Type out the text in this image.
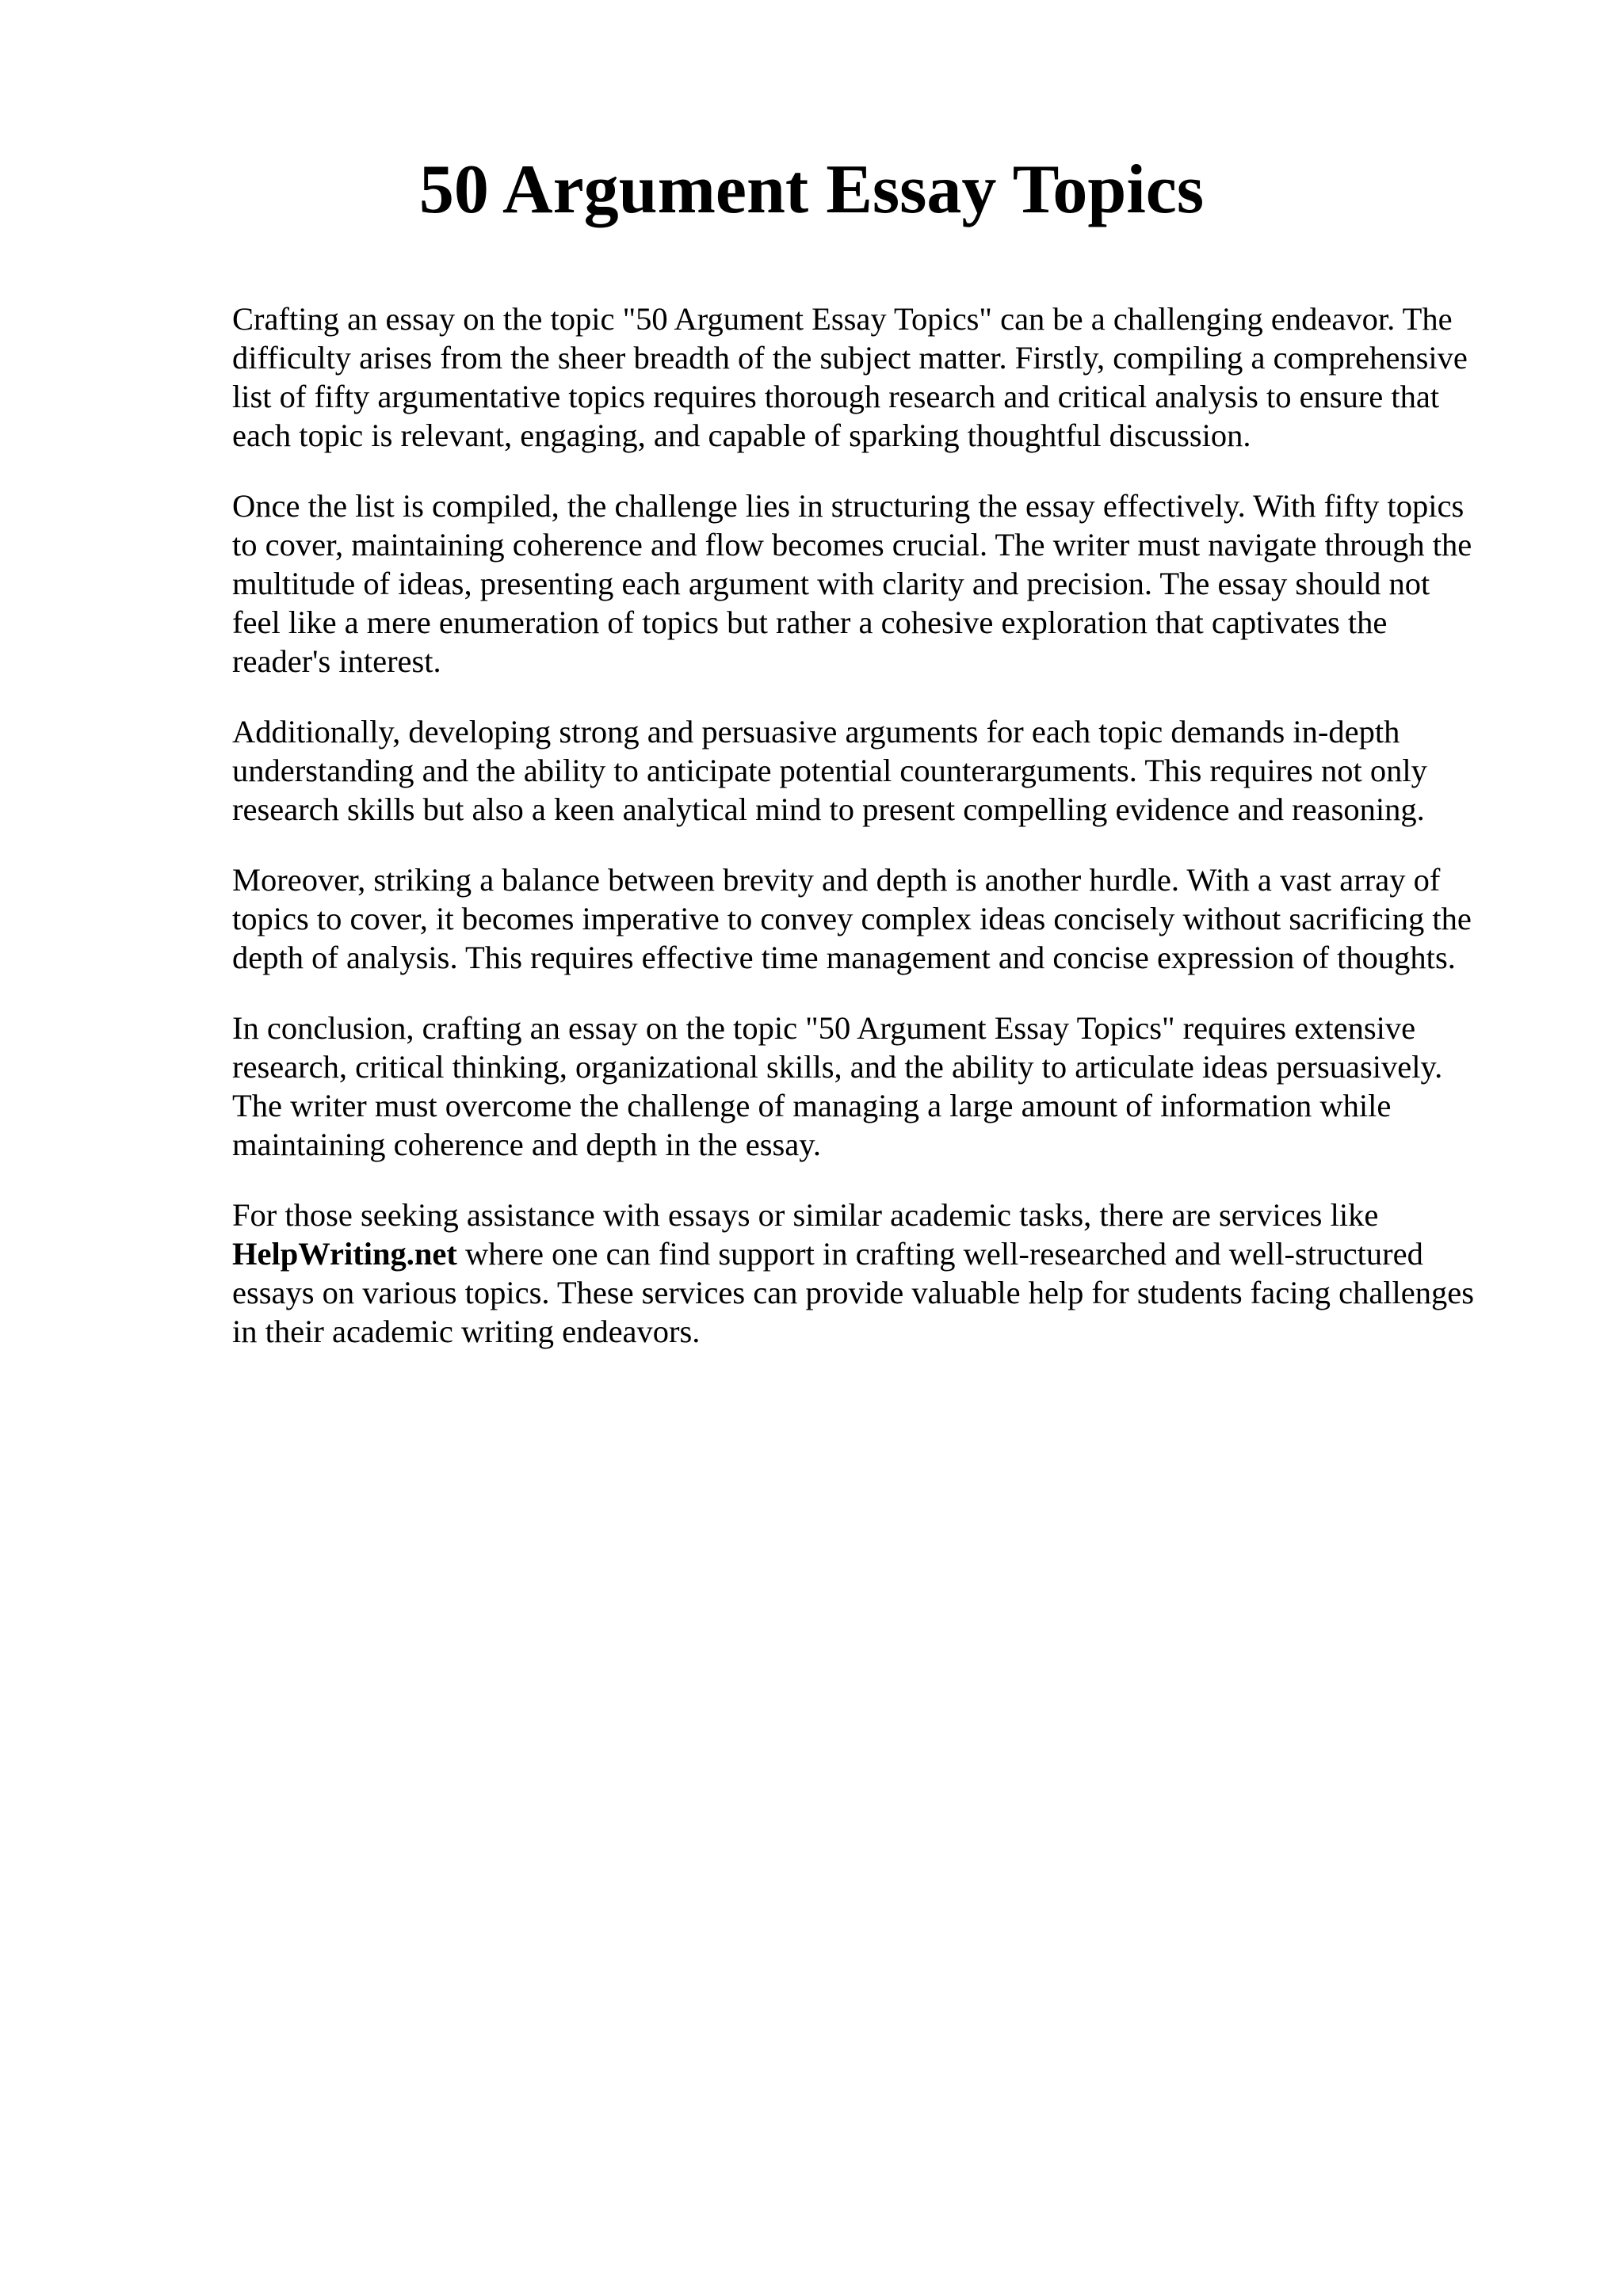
50 Argument Essay Topics

Crafting an essay on the topic "50 Argument Essay Topics" can be a challenging endeavor. The
difficulty arises from the sheer breadth of the subject matter. Firstly, compiling a comprehensive
list of fifty argumentative topics requires thorough research and critical analysis to ensure that
each topic is relevant, engaging, and capable of sparking thoughtful discussion.

Once the list is compiled, the challenge lies in structuring the essay effectively. With fifty topics
to cover, maintaining coherence and flow becomes crucial. The writer must navigate through the
multitude of ideas, presenting each argument with clarity and precision. The essay should not
feel like a mere enumeration of topics but rather a cohesive exploration that captivates the
reader's interest.

Additionally, developing strong and persuasive arguments for each topic demands in-depth
understanding and the ability to anticipate potential counterarguments. This requires not only
research skills but also a keen analytical mind to present compelling evidence and reasoning.

Moreover, striking a balance between brevity and depth is another hurdle. With a vast array of
topics to cover, it becomes imperative to convey complex ideas concisely without sacrificing the
depth of analysis. This requires effective time management and concise expression of thoughts.

In conclusion, crafting an essay on the topic "50 Argument Essay Topics" requires extensive
research, critical thinking, organizational skills, and the ability to articulate ideas persuasively.
The writer must overcome the challenge of managing a large amount of information while
maintaining coherence and depth in the essay.

For those seeking assistance with essays or similar academic tasks, there are services like
HelpWriting.net where one can find support in crafting well-researched and well-structured
essays on various topics. These services can provide valuable help for students facing challenges
in their academic writing endeavors.
